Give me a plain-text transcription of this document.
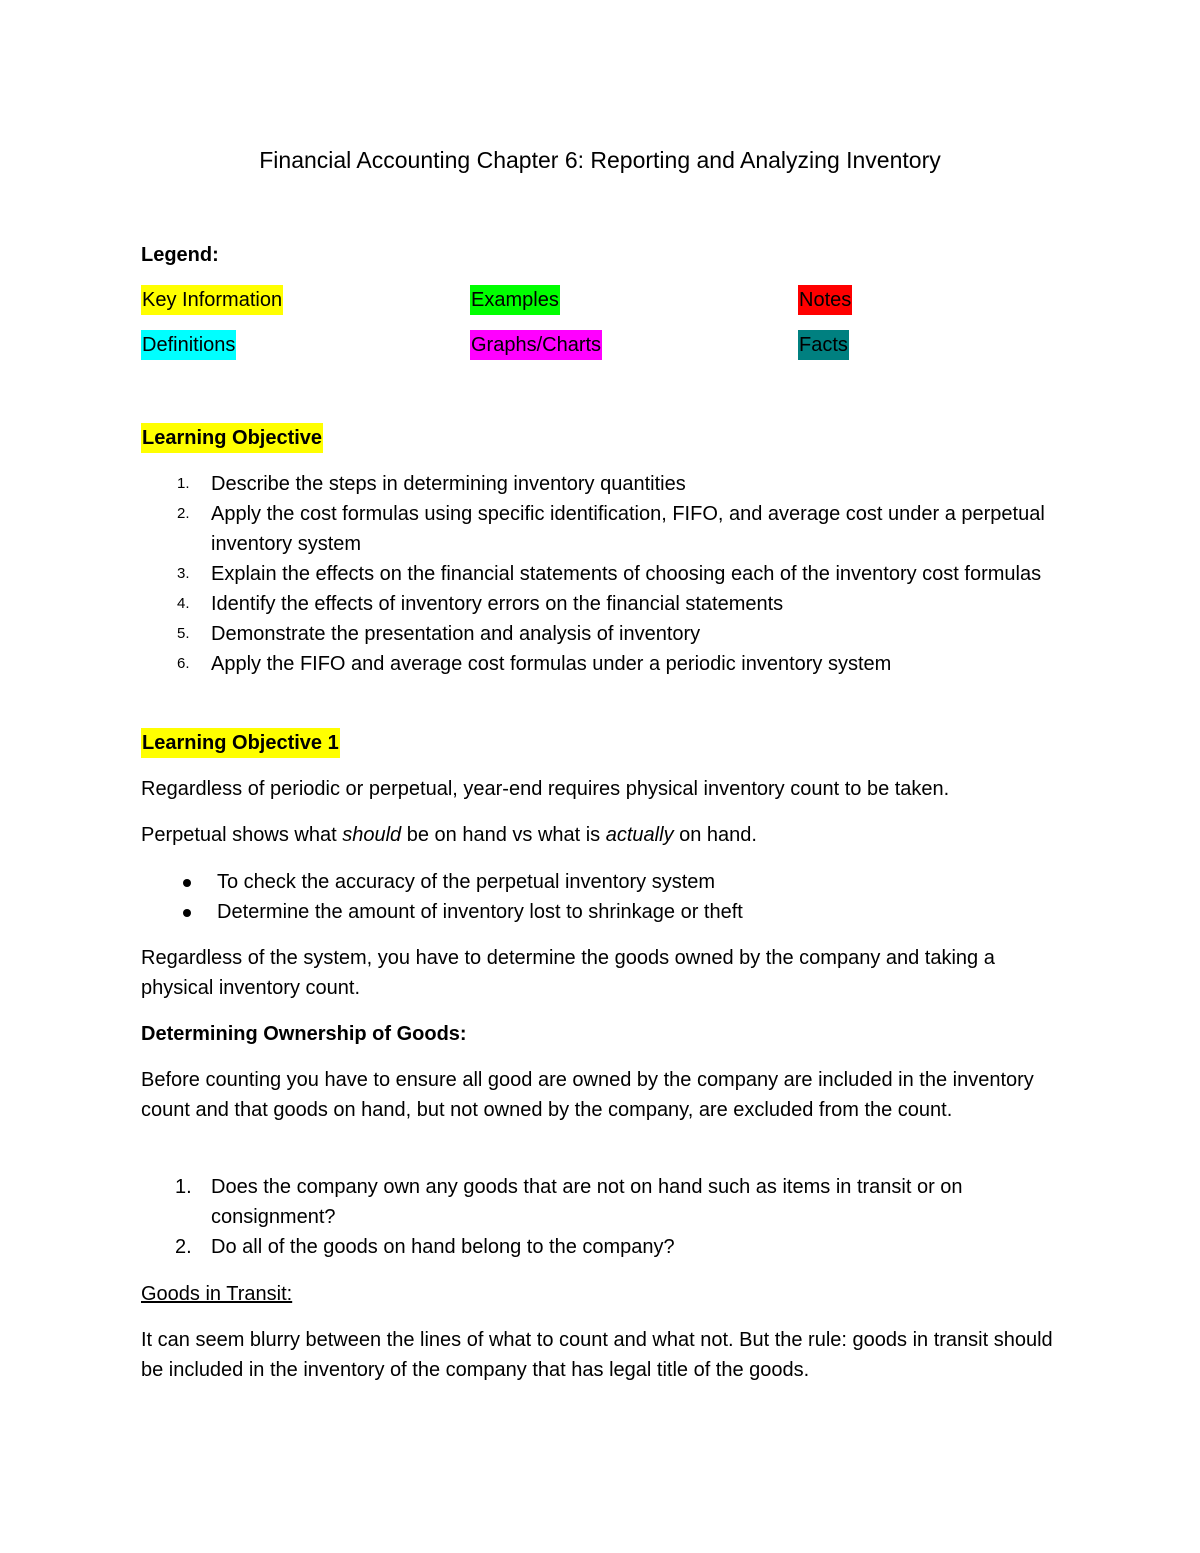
Financial Accounting Chapter 6: Reporting and Analyzing Inventory
Legend:
Key Information	Examples	Notes
Definitions	Graphs/Charts	Facts
Learning Objective
1. Describe the steps in determining inventory quantities
2. Apply the cost formulas using specific identification, FIFO, and average cost under a perpetual inventory system
3. Explain the effects on the financial statements of choosing each of the inventory cost formulas
4. Identify the effects of inventory errors on the financial statements
5. Demonstrate the presentation and analysis of inventory
6. Apply the FIFO and average cost formulas under a periodic inventory system
Learning Objective 1

Regardless of periodic or perpetual, year-end requires physical inventory count to be taken.

Perpetual shows what should be on hand vs what is actually on hand.

To check the accuracy of the perpetual inventory system
Determine the amount of inventory lost to shrinkage or theft

Regardless of the system, you have to determine the goods owned by the company and taking a physical inventory count.

Determining Ownership of Goods:

Before counting you have to ensure all good are owned by the company are included in the inventory count and that goods on hand, but not owned by the company, are excluded from the count.

1. Does the company own any goods that are not on hand such as items in transit or on consignment?
2. Do all of the goods on hand belong to the company?

Goods in Transit:

It can seem blurry between the lines of what to count and what not. But the rule: goods in transit should be included in the inventory of the company that has legal title of the goods.
